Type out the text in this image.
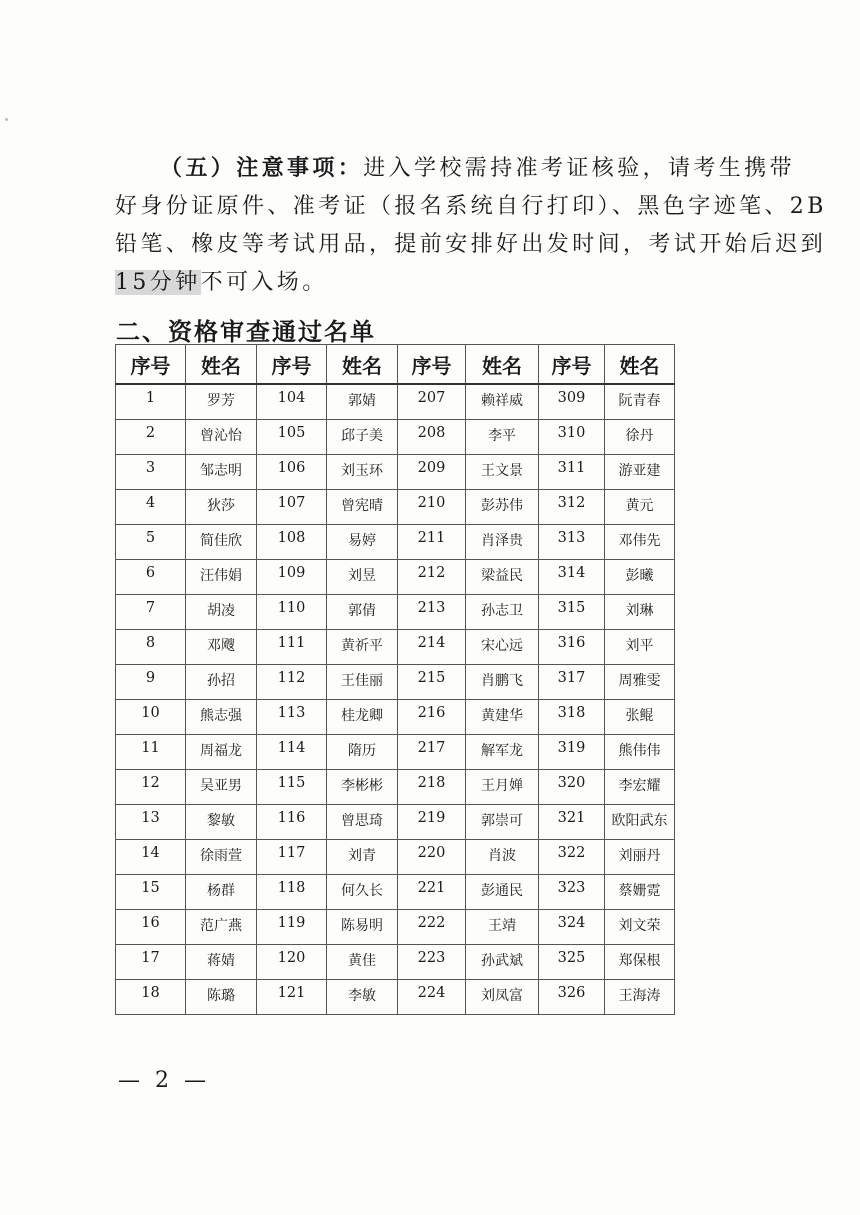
（五）注意事项：进入学校需持准考证核验，请考生携带
好身份证原件、准考证（报名系统自行打印）、黑色字迹笔、2B
铅笔、橡皮等考试用品，提前安排好出发时间，考试开始后迟到
15分钟不可入场。
二、资格审查通过名单
序号	姓名	序号	姓名	序号	姓名	序号	姓名
1	罗芳	104	郭婧	207	赖祥威	309	阮青春
2	曾沁怡	105	邱子美	208	李平	310	徐丹
3	邹志明	106	刘玉环	209	王文景	311	游亚建
4	狄莎	107	曾宪晴	210	彭苏伟	312	黄元
5	简佳欣	108	易婷	211	肖泽贵	313	邓伟先
6	汪伟娟	109	刘昱	212	梁益民	314	彭曦
7	胡凌	110	郭倩	213	孙志卫	315	刘琳
8	邓飕	111	黄祈平	214	宋心远	316	刘平
9	孙招	112	王佳丽	215	肖鹏飞	317	周雅雯
10	熊志强	113	桂龙卿	216	黄建华	318	张鲲
11	周福龙	114	隋历	217	解军龙	319	熊伟伟
12	吴亚男	115	李彬彬	218	王月婵	320	李宏耀
13	黎敏	116	曾思琦	219	郭崇可	321	欧阳武东
14	徐雨萱	117	刘青	220	肖波	322	刘丽丹
15	杨群	118	何久长	221	彭通民	323	蔡姗霓
16	范广燕	119	陈易明	222	王靖	324	刘文荣
17	蒋婧	120	黄佳	223	孙武斌	325	郑保根
18	陈璐	121	李敏	224	刘凤富	326	王海涛
— 2 —
